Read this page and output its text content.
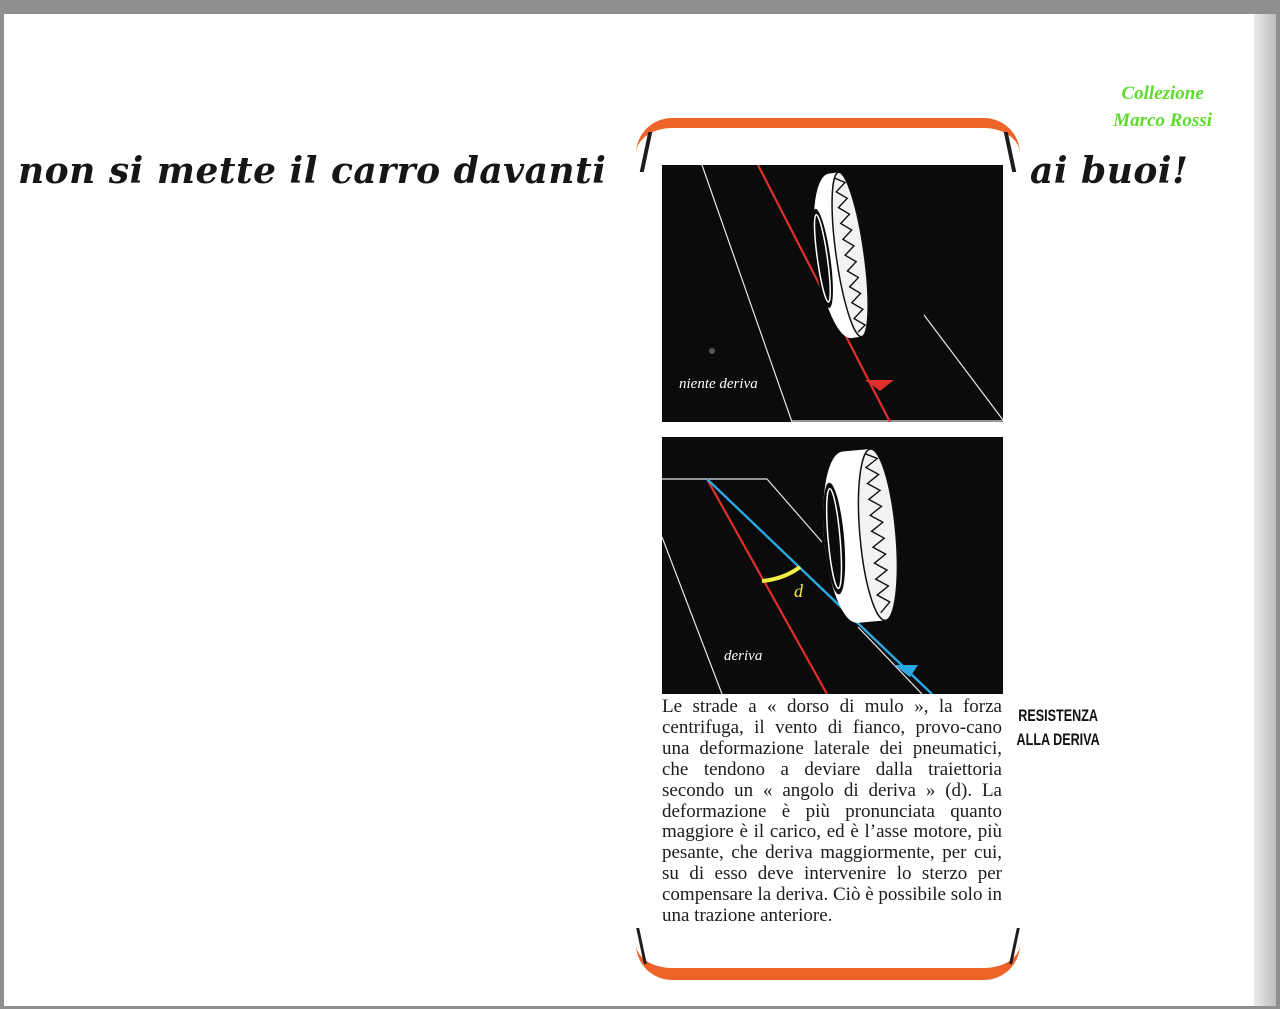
Collezione
Marco Rossi
non si mette il carro davanti	ai buoi!
niente deriva
d
deriva
Le strade a « dorso di mulo », la forza centrifuga, il vento di fianco, provo-cano una deformazione laterale dei pneumatici, che tendono a deviare dalla traiettoria secondo un « angolo di deriva » (d). La deformazione è più pronunciata quanto maggiore è il carico, ed è l’asse motore, più pesante, che deriva maggiormente, per cui, su di esso deve intervenire lo sterzo per compensare la deriva. Ciò è possibile solo in una trazione anteriore.
RESISTENZA
ALLA DERIVA
